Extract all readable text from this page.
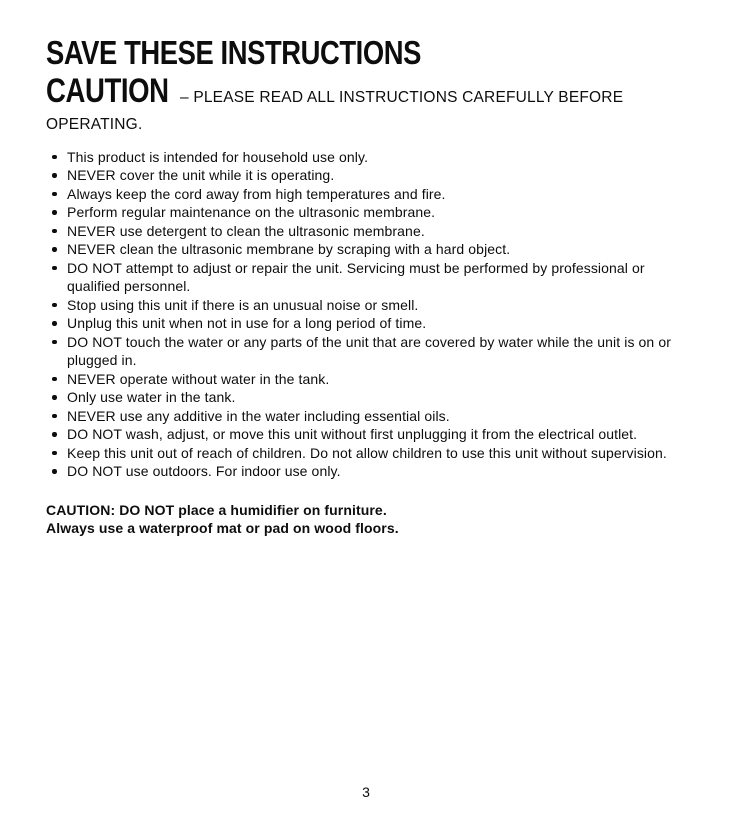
SAVE THESE INSTRUCTIONS
CAUTION – PLEASE READ ALL INSTRUCTIONS CAREFULLY BEFORE
OPERATING.
This product is intended for household use only.
NEVER cover the unit while it is operating.
Always keep the cord away from high temperatures and fire.
Perform regular maintenance on the ultrasonic membrane.
NEVER use detergent to clean the ultrasonic membrane.
NEVER clean the ultrasonic membrane by scraping with a hard object.
DO NOT attempt to adjust or repair the unit. Servicing must be performed by professional or qualified personnel.
Stop using this unit if there is an unusual noise or smell.
Unplug this unit when not in use for a long period of time.
DO NOT touch the water or any parts of the unit that are covered by water while the unit is on or plugged in.
NEVER operate without water in the tank.
Only use water in the tank.
NEVER use any additive in the water including essential oils.
DO NOT wash, adjust, or move this unit without first unplugging it from the electrical outlet.
Keep this unit out of reach of children. Do not allow children to use this unit without supervision.
DO NOT use outdoors. For indoor use only.
CAUTION: DO NOT place a humidifier on furniture.
Always use a waterproof mat or pad on wood floors.
3
